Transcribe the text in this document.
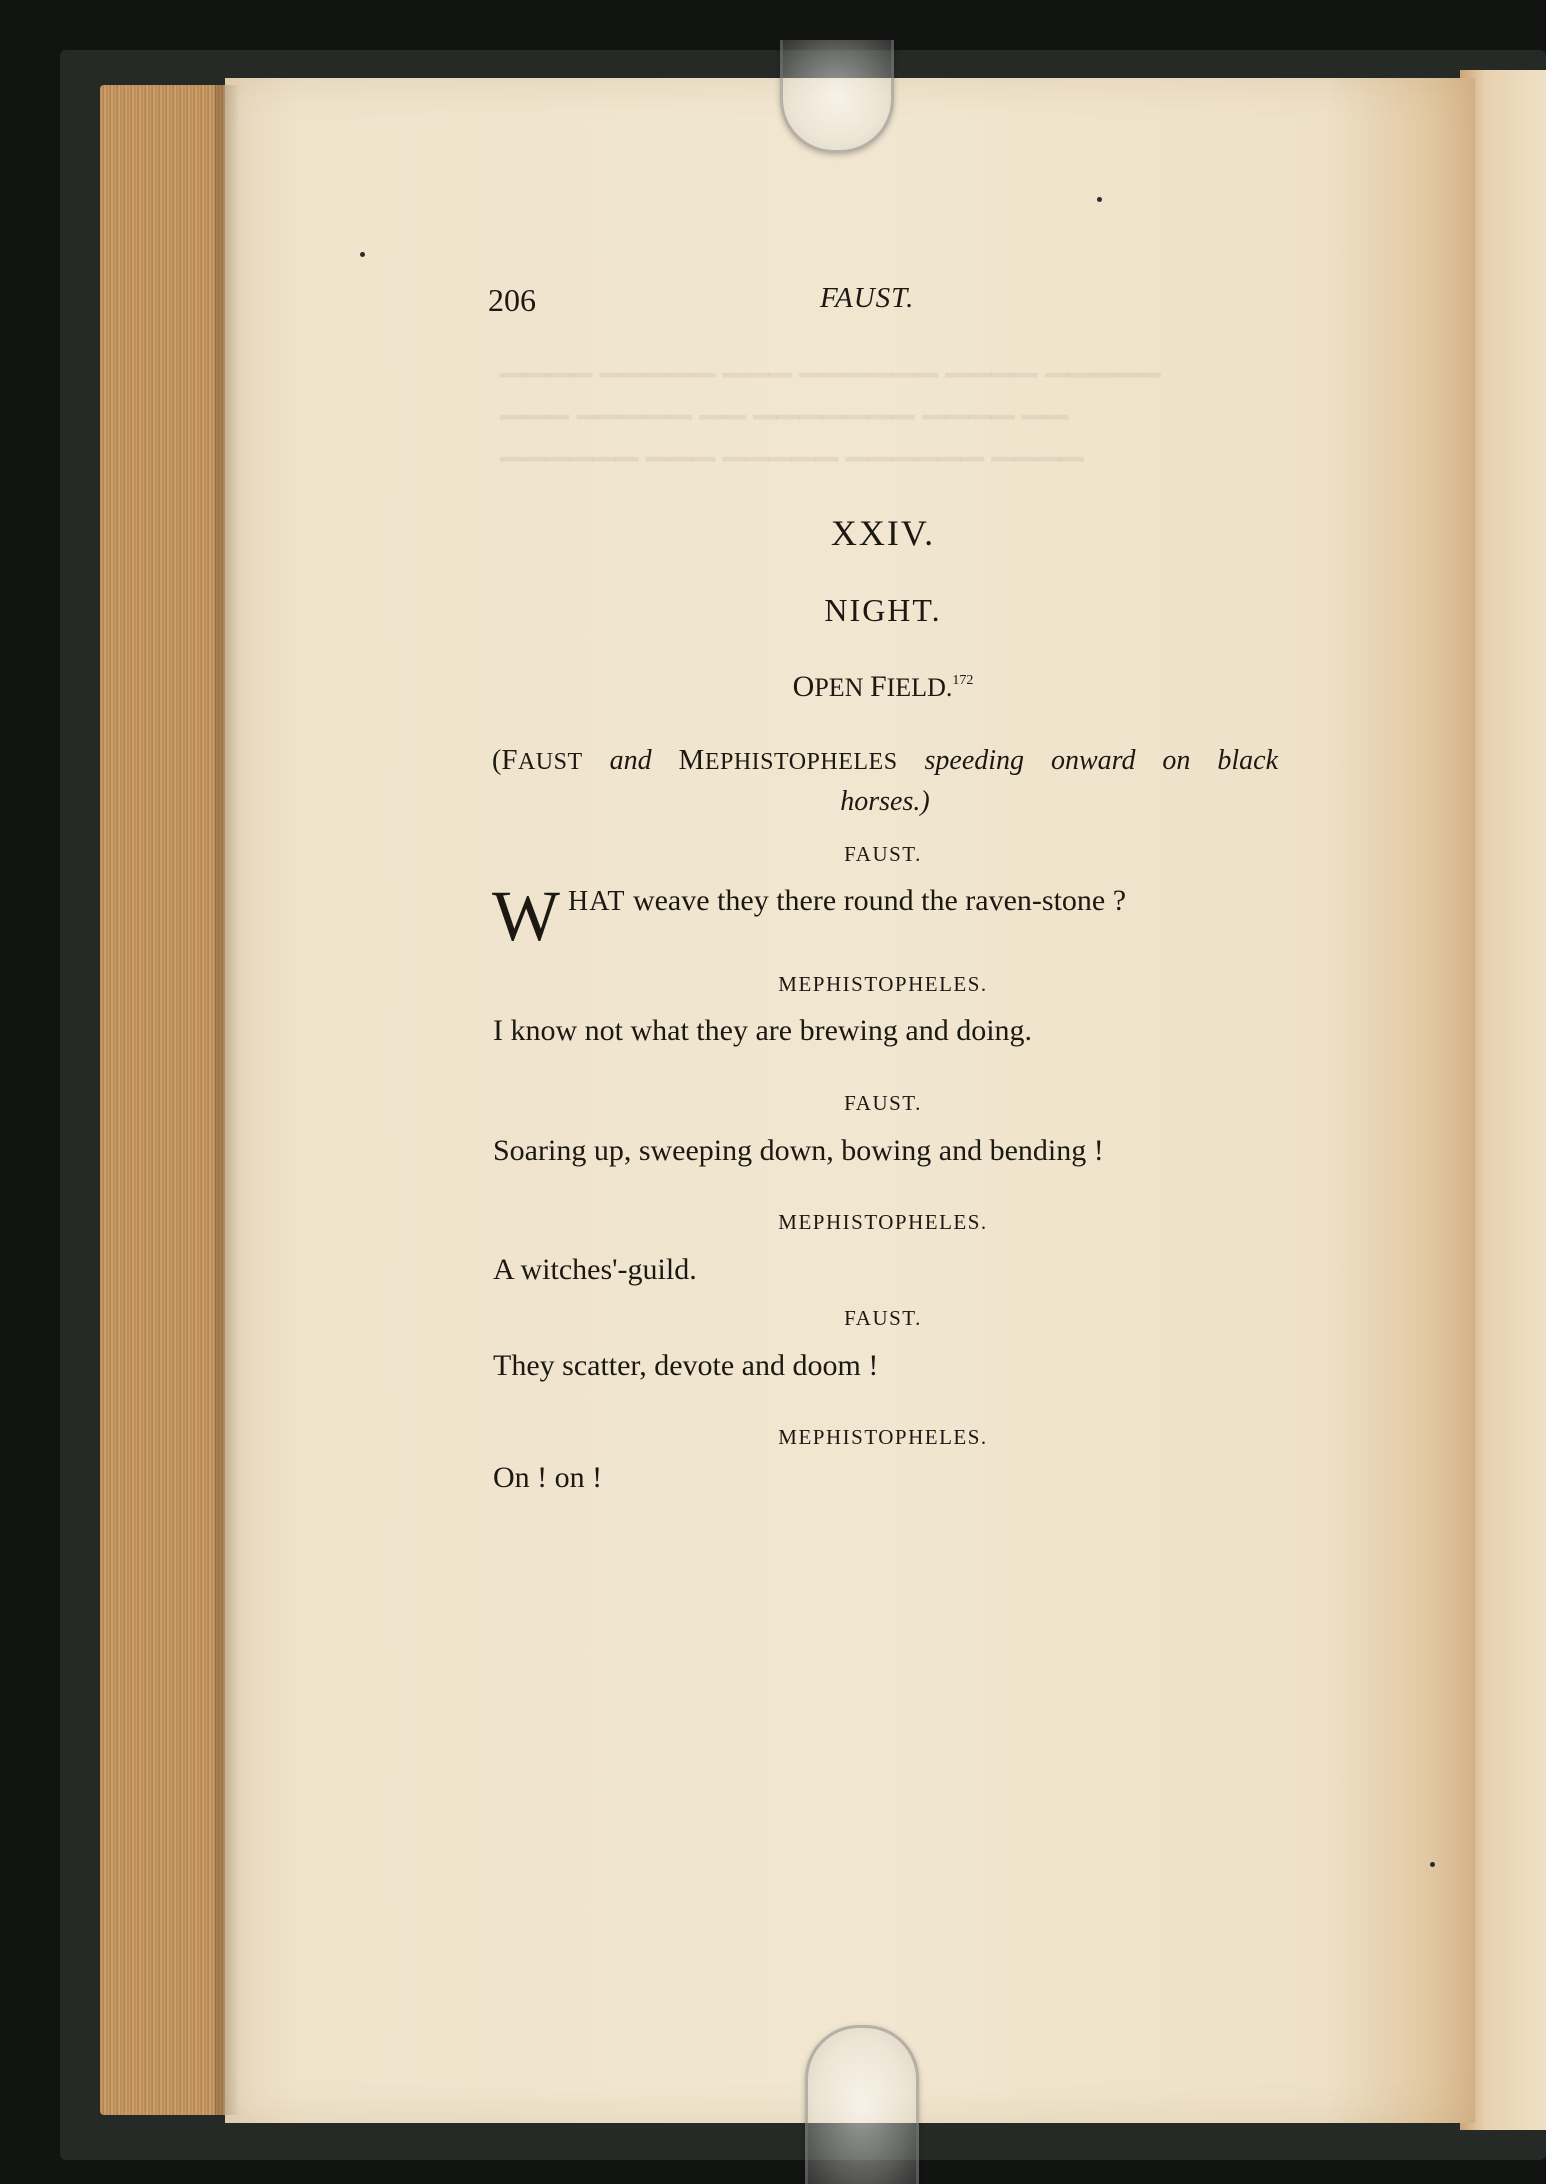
▁▁▁▁ ▁▁▁▁▁ ▁▁▁ ▁▁▁▁▁▁ ▁▁▁▁ ▁▁▁▁▁
▁▁▁ ▁▁▁▁▁ ▁▁ ▁▁▁▁▁▁▁ ▁▁▁▁ ▁▁
▁▁▁▁▁▁ ▁▁▁ ▁▁▁▁▁ ▁▁▁▁▁▁ ▁▁▁▁
206	FAUST.
XXIV.
NIGHT.
OPEN FIELD.$^{172}$
(FAUST and MEPHISTOPHELES speeding onward on black
horses.)
FAUST.
W HAT weave they there round the raven-stone ?
MEPHISTOPHELES.
I know not what they are brewing and doing.
FAUST.
Soaring up, sweeping down, bowing and bending !
MEPHISTOPHELES.
A witches'-guild.
FAUST.
They scatter, devote and doom !
MEPHISTOPHELES.
On ! on !
